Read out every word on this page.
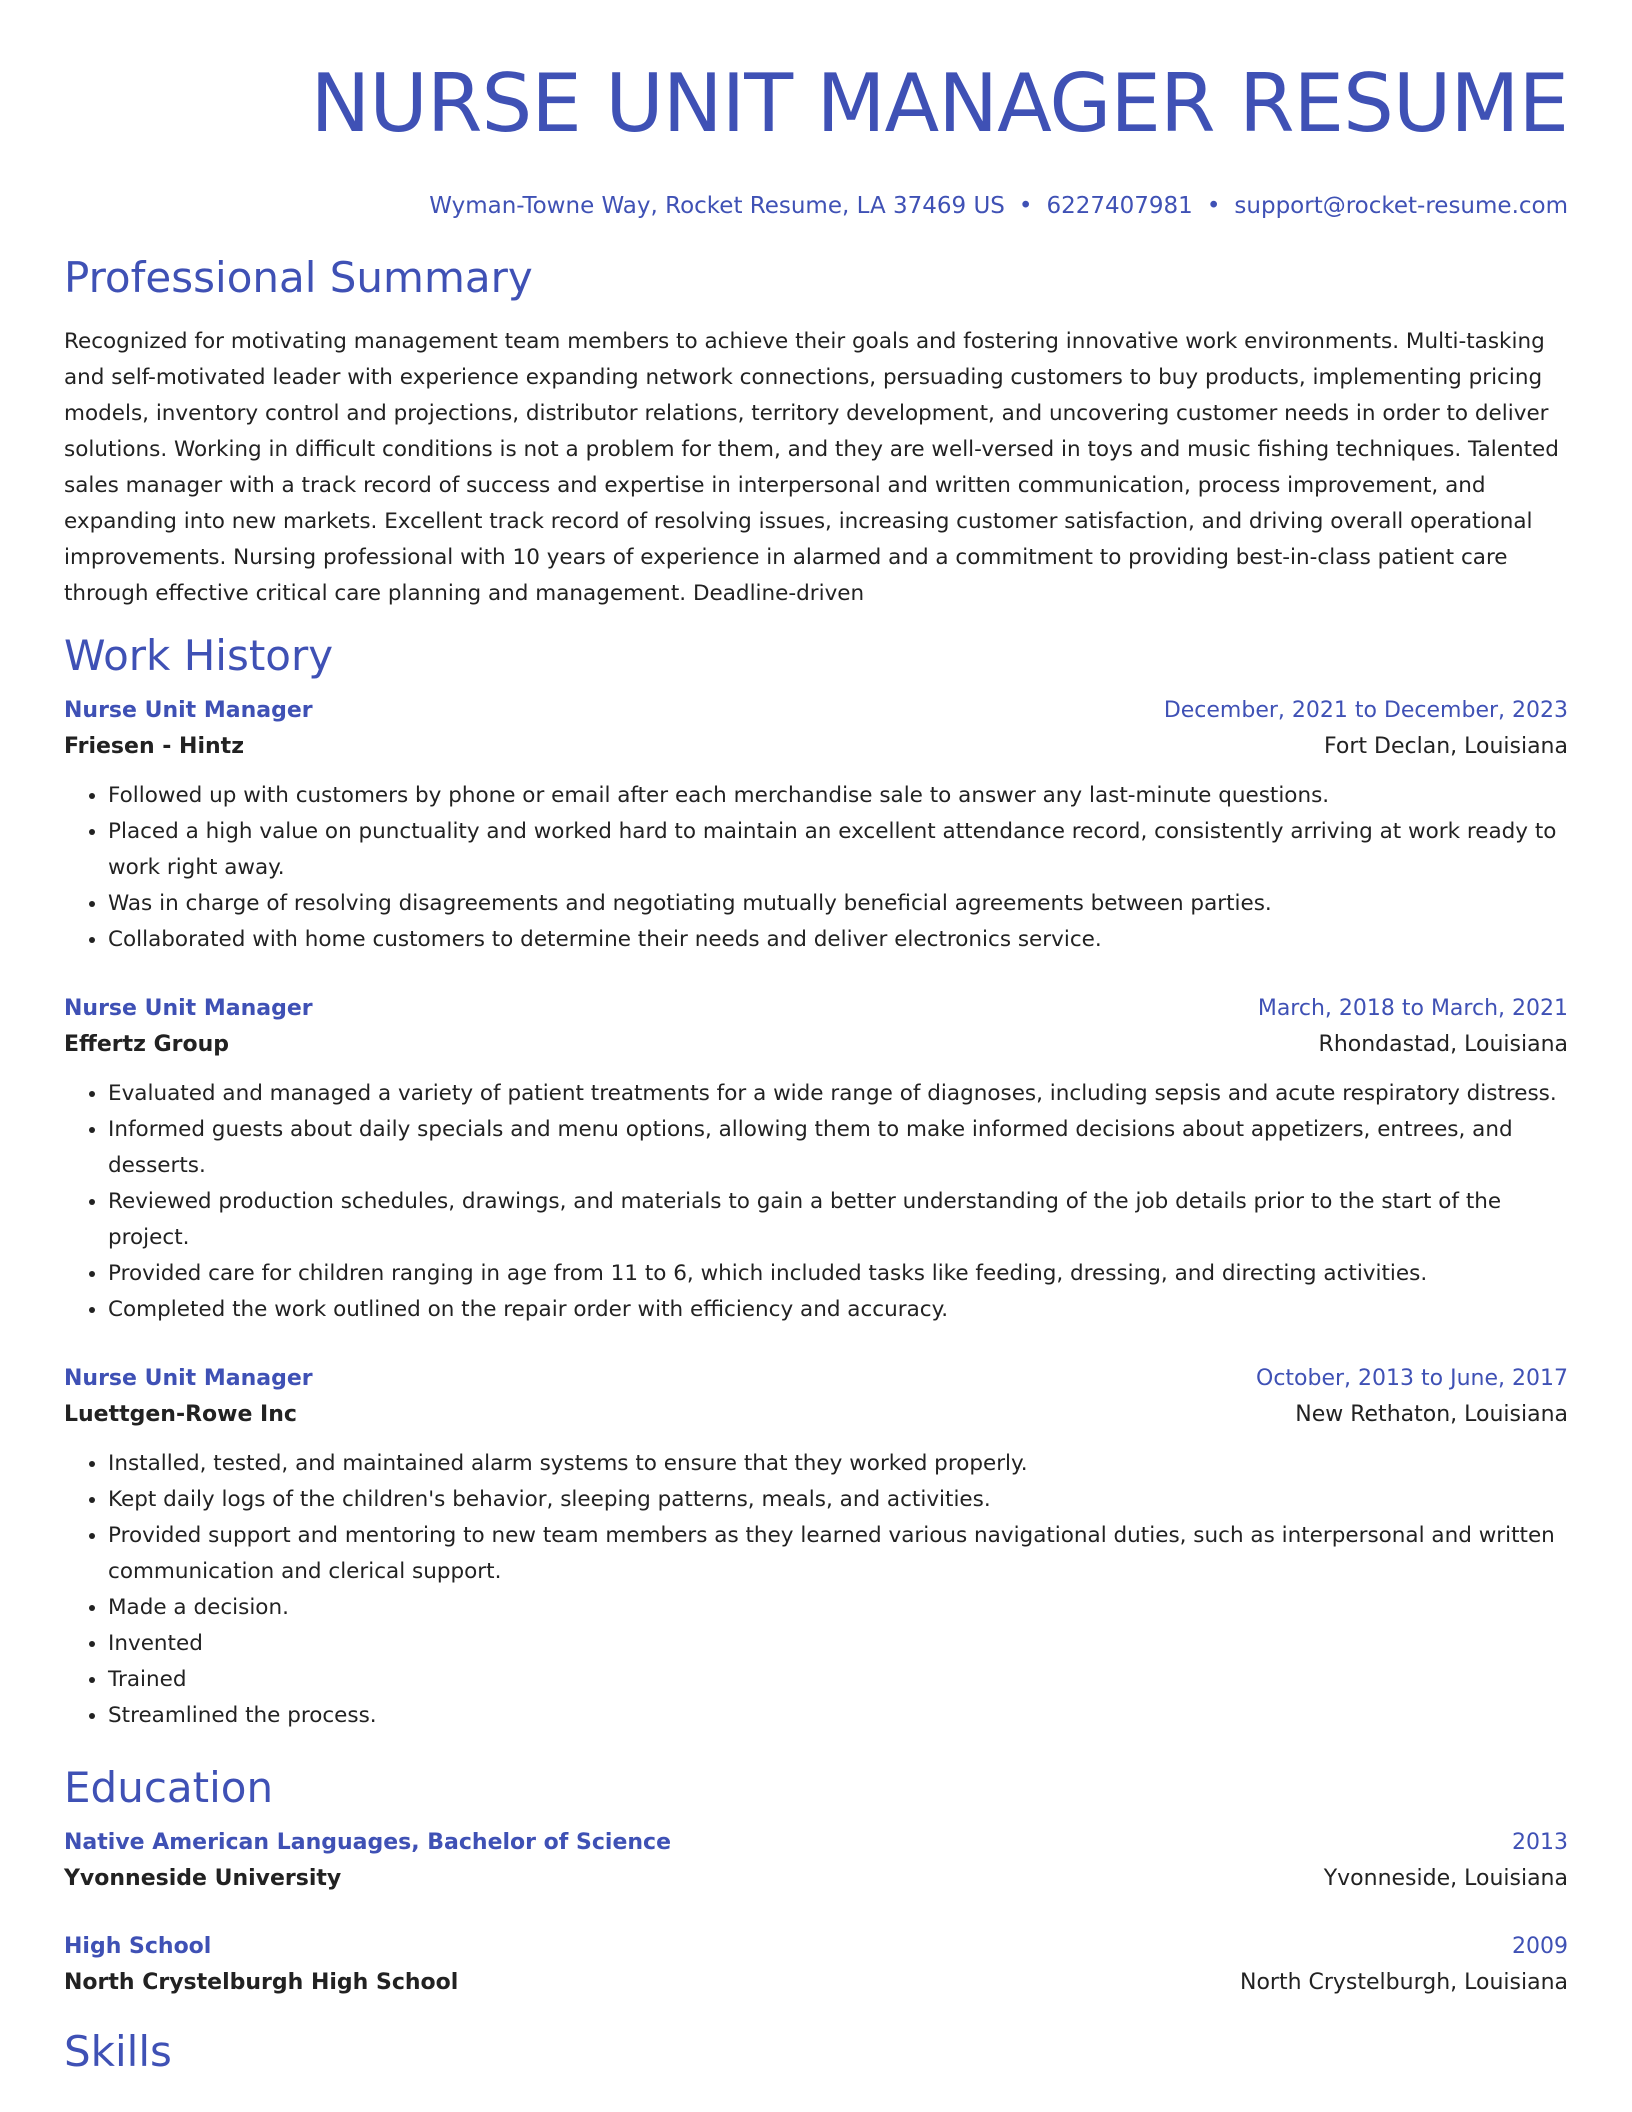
NURSE UNIT MANAGER RESUME
Wyman-Towne Way, Rocket Resume, LA 37469 US • 6227407981 • support@rocket-resume.com
Professional Summary
Recognized for motivating management team members to achieve their goals and fostering innovative work environments. Multi-tasking and self-motivated leader with experience expanding network connections, persuading customers to buy products, implementing pricing models, inventory control and projections, distributor relations, territory development, and uncovering customer needs in order to deliver solutions. Working in difficult conditions is not a problem for them, and they are well-versed in toys and music fishing techniques. Talented sales manager with a track record of success and expertise in interpersonal and written communication, process improvement, and expanding into new markets. Excellent track record of resolving issues, increasing customer satisfaction, and driving overall operational improvements. Nursing professional with 10 years of experience in alarmed and a commitment to providing best-in-class patient care through effective critical care planning and management. Deadline-driven
Work History
Nurse Unit Manager	December, 2021 to December, 2023
Friesen - Hintz	Fort Declan, Louisiana
• Followed up with customers by phone or email after each merchandise sale to answer any last-minute questions.
• Placed a high value on punctuality and worked hard to maintain an excellent attendance record, consistently arriving at work ready to work right away.
• Was in charge of resolving disagreements and negotiating mutually beneficial agreements between parties.
• Collaborated with home customers to determine their needs and deliver electronics service.
Nurse Unit Manager	March, 2018 to March, 2021
Effertz Group	Rhondastad, Louisiana
• Evaluated and managed a variety of patient treatments for a wide range of diagnoses, including sepsis and acute respiratory distress.
• Informed guests about daily specials and menu options, allowing them to make informed decisions about appetizers, entrees, and desserts.
• Reviewed production schedules, drawings, and materials to gain a better understanding of the job details prior to the start of the project.
• Provided care for children ranging in age from 11 to 6, which included tasks like feeding, dressing, and directing activities.
• Completed the work outlined on the repair order with efficiency and accuracy.
Nurse Unit Manager	October, 2013 to June, 2017
Luettgen-Rowe Inc	New Rethaton, Louisiana
• Installed, tested, and maintained alarm systems to ensure that they worked properly.
• Kept daily logs of the children's behavior, sleeping patterns, meals, and activities.
• Provided support and mentoring to new team members as they learned various navigational duties, such as interpersonal and written communication and clerical support.
• Made a decision.
• Invented
• Trained
• Streamlined the process.
Education
Native American Languages, Bachelor of Science	2013
Yvonneside University	Yvonneside, Louisiana
High School	2009
North Crystelburgh High School	North Crystelburgh, Louisiana
Skills
